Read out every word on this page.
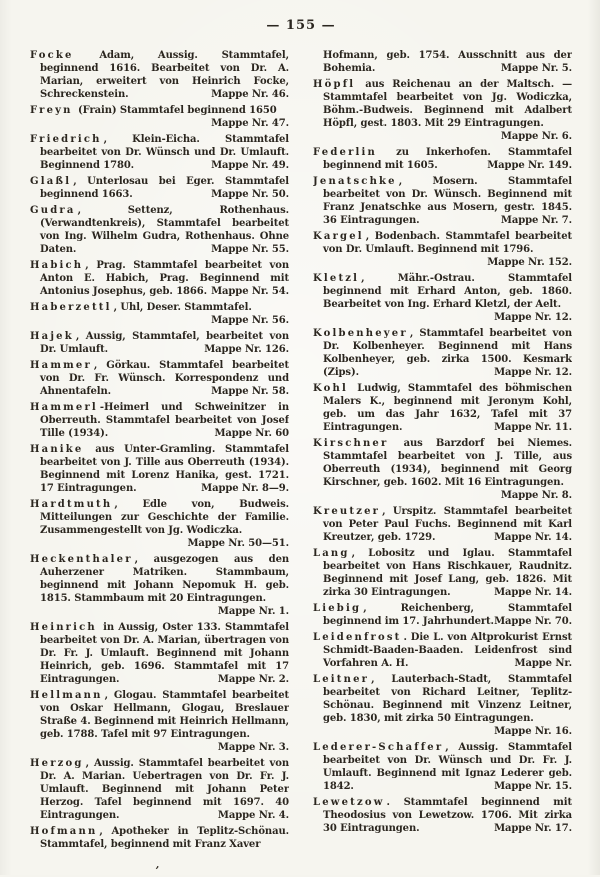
— 155 —
Focke Adam, Aussig. Stammtafel, beginnend 1616. Bearbeitet von Dr. A. Marian, erweitert von Heinrich Focke, Schreckenstein.	Mappe Nr. 46.
Freyn (Frain) Stammtafel beginnend 1650
Mappe Nr. 47.
Friedrich , Klein-Eicha. Stammtafel bearbeitet von Dr. Wünsch und Dr. Umlauft. Beginnend 1780.	Mappe Nr. 49.
Glaßl , Unterlosau bei Eger. Stammtafel beginnend 1663.	Mappe Nr. 50.
Gudra , Settenz, Rothenhaus. (Verwandtenkreis), Stammtafel bearbeitet von Ing. Wilhelm Gudra, Rothenhaus. Ohne Daten.	Mappe Nr. 55.
Habich , Prag. Stammtafel bearbeitet von Anton E. Habich, Prag. Beginnend mit Antonius Josephus, geb. 1866. Mappe Nr. 54.
Haberzettl , Uhl, Deser. Stammtafel.
Mappe Nr. 56.
Hajek , Aussig, Stammtafel, bearbeitet von Dr. Umlauft.	Mappe Nr. 126.
Hammer , Görkau. Stammtafel bearbeitet von Dr. Fr. Wünsch. Korrespondenz und Ahnentafeln.	Mappe Nr. 58.
Hammerl -Heimerl und Schweinitzer in Oberreuth. Stammtafel bearbeitet von Josef Tille (1934).	Mappe Nr. 60
Hanike aus Unter-Gramling. Stammtafel bearbeitet von J. Tille aus Oberreuth (1934). Beginnend mit Lorenz Hanika, gest. 1721. 17 Eintragungen.	Mappe Nr. 8—9.
Hardtmuth , Edle von, Budweis. Mitteilungen zur Geschichte der Familie. Zusammengestellt von Jg. Wodiczka.
Mappe Nr. 50—51.
Heckenthaler , ausgezogen aus den Auherzener Matriken. Stammbaum, beginnend mit Johann Nepomuk H. geb. 1815. Stammbaum mit 20 Eintragungen.
Mappe Nr. 1.
Heinrich in Aussig, Oster 133. Stammtafel bearbeitet von Dr. A. Marian, übertragen von Dr. Fr. J. Umlauft. Beginnend mit Johann Heinrich, geb. 1696. Stammtafel mit 17 Eintragungen.	Mappe Nr. 2.
Hellmann , Glogau. Stammtafel bearbeitet von Oskar Hellmann, Glogau, Breslauer Straße 4. Beginnend mit Heinrich Hellmann, geb. 1788. Tafel mit 97 Eintragungen.
Mappe Nr. 3.
Herzog , Aussig. Stammtafel bearbeitet von Dr. A. Marian. Uebertragen von Dr. Fr. J. Umlauft. Beginnend mit Johann Peter Herzog. Tafel beginnend mit 1697. 40 Eintragungen.	Mappe Nr. 4.
Hofmann , Apotheker in Teplitz-Schönau. Stammtafel, beginnend mit Franz Xaver
Hofmann, geb. 1754. Ausschnitt aus der Bohemia.	Mappe Nr. 5.
Höpfl aus Reichenau an der Maltsch. — Stammtafel bearbeitet von Jg. Wodiczka, Böhm.-Budweis. Beginnend mit Adalbert Höpfl, gest. 1803. Mit 29 Eintragungen.
Mappe Nr. 6.
Federlin zu Inkerhofen. Stammtafel beginnend mit 1605.	Mappe Nr. 149.
Jenatschke , Mosern. Stammtafel bearbeitet von Dr. Wünsch. Beginnend mit Franz Jenatschke aus Mosern, gestr. 1845. 36 Eintragungen.	Mappe Nr. 7.
Kargel , Bodenbach. Stammtafel bearbeitet von Dr. Umlauft. Beginnend mit 1796.
Mappe Nr. 152.
Kletzl , Mähr.-Ostrau. Stammtafel beginnend mit Erhard Anton, geb. 1860. Bearbeitet von Ing. Erhard Kletzl, der Aelt.
Mappe Nr. 12.
Kolbenheyer , Stammtafel bearbeitet von Dr. Kolbenheyer. Beginnend mit Hans Kolbenheyer, geb. zirka 1500. Kesmark (Zips).	Mappe Nr. 12.
Kohl Ludwig, Stammtafel des böhmischen Malers K., beginnend mit Jeronym Kohl, geb. um das Jahr 1632, Tafel mit 37 Eintragungen.	Mappe Nr. 11.
Kirschner aus Barzdorf bei Niemes. Stammtafel bearbeitet von J. Tille, aus Oberreuth (1934), beginnend mit Georg Kirschner, geb. 1602. Mit 16 Eintragungen.
Mappe Nr. 8.
Kreutzer , Urspitz. Stammtafel bearbeitet von Peter Paul Fuchs. Beginnend mit Karl Kreutzer, geb. 1729.	Mappe Nr. 14.
Lang , Lobositz und Iglau. Stammtafel bearbeitet von Hans Rischkauer, Raudnitz. Beginnend mit Josef Lang, geb. 1826. Mit zirka 30 Eintragungen.	Mappe Nr. 14.
Liebig , Reichenberg, Stammtafel beginnend im 17. Jahrhundert. Mappe Nr. 70.
Leidenfrost . Die L. von Altprokurist Ernst Schmidt-Baaden-Baaden. Leidenfrost sind Vorfahren A. H.	Mappe Nr.
Leitner , Lauterbach-Stadt, Stammtafel bearbeitet von Richard Leitner, Teplitz-Schönau. Beginnend mit Vinzenz Leitner, geb. 1830, mit zirka 50 Eintragungen.
Mappe Nr. 16.
Lederer-Schaffer , Aussig. Stammtafel bearbeitet von Dr. Wünsch und Dr. Fr. J. Umlauft. Beginnend mit Ignaz Lederer geb. 1842.	Mappe Nr. 15.
Lewetzow . Stammtafel beginnend mit Theodosius von Lewetzow. 1706. Mit zirka 30 Eintragungen.	Mappe Nr. 17.
’
